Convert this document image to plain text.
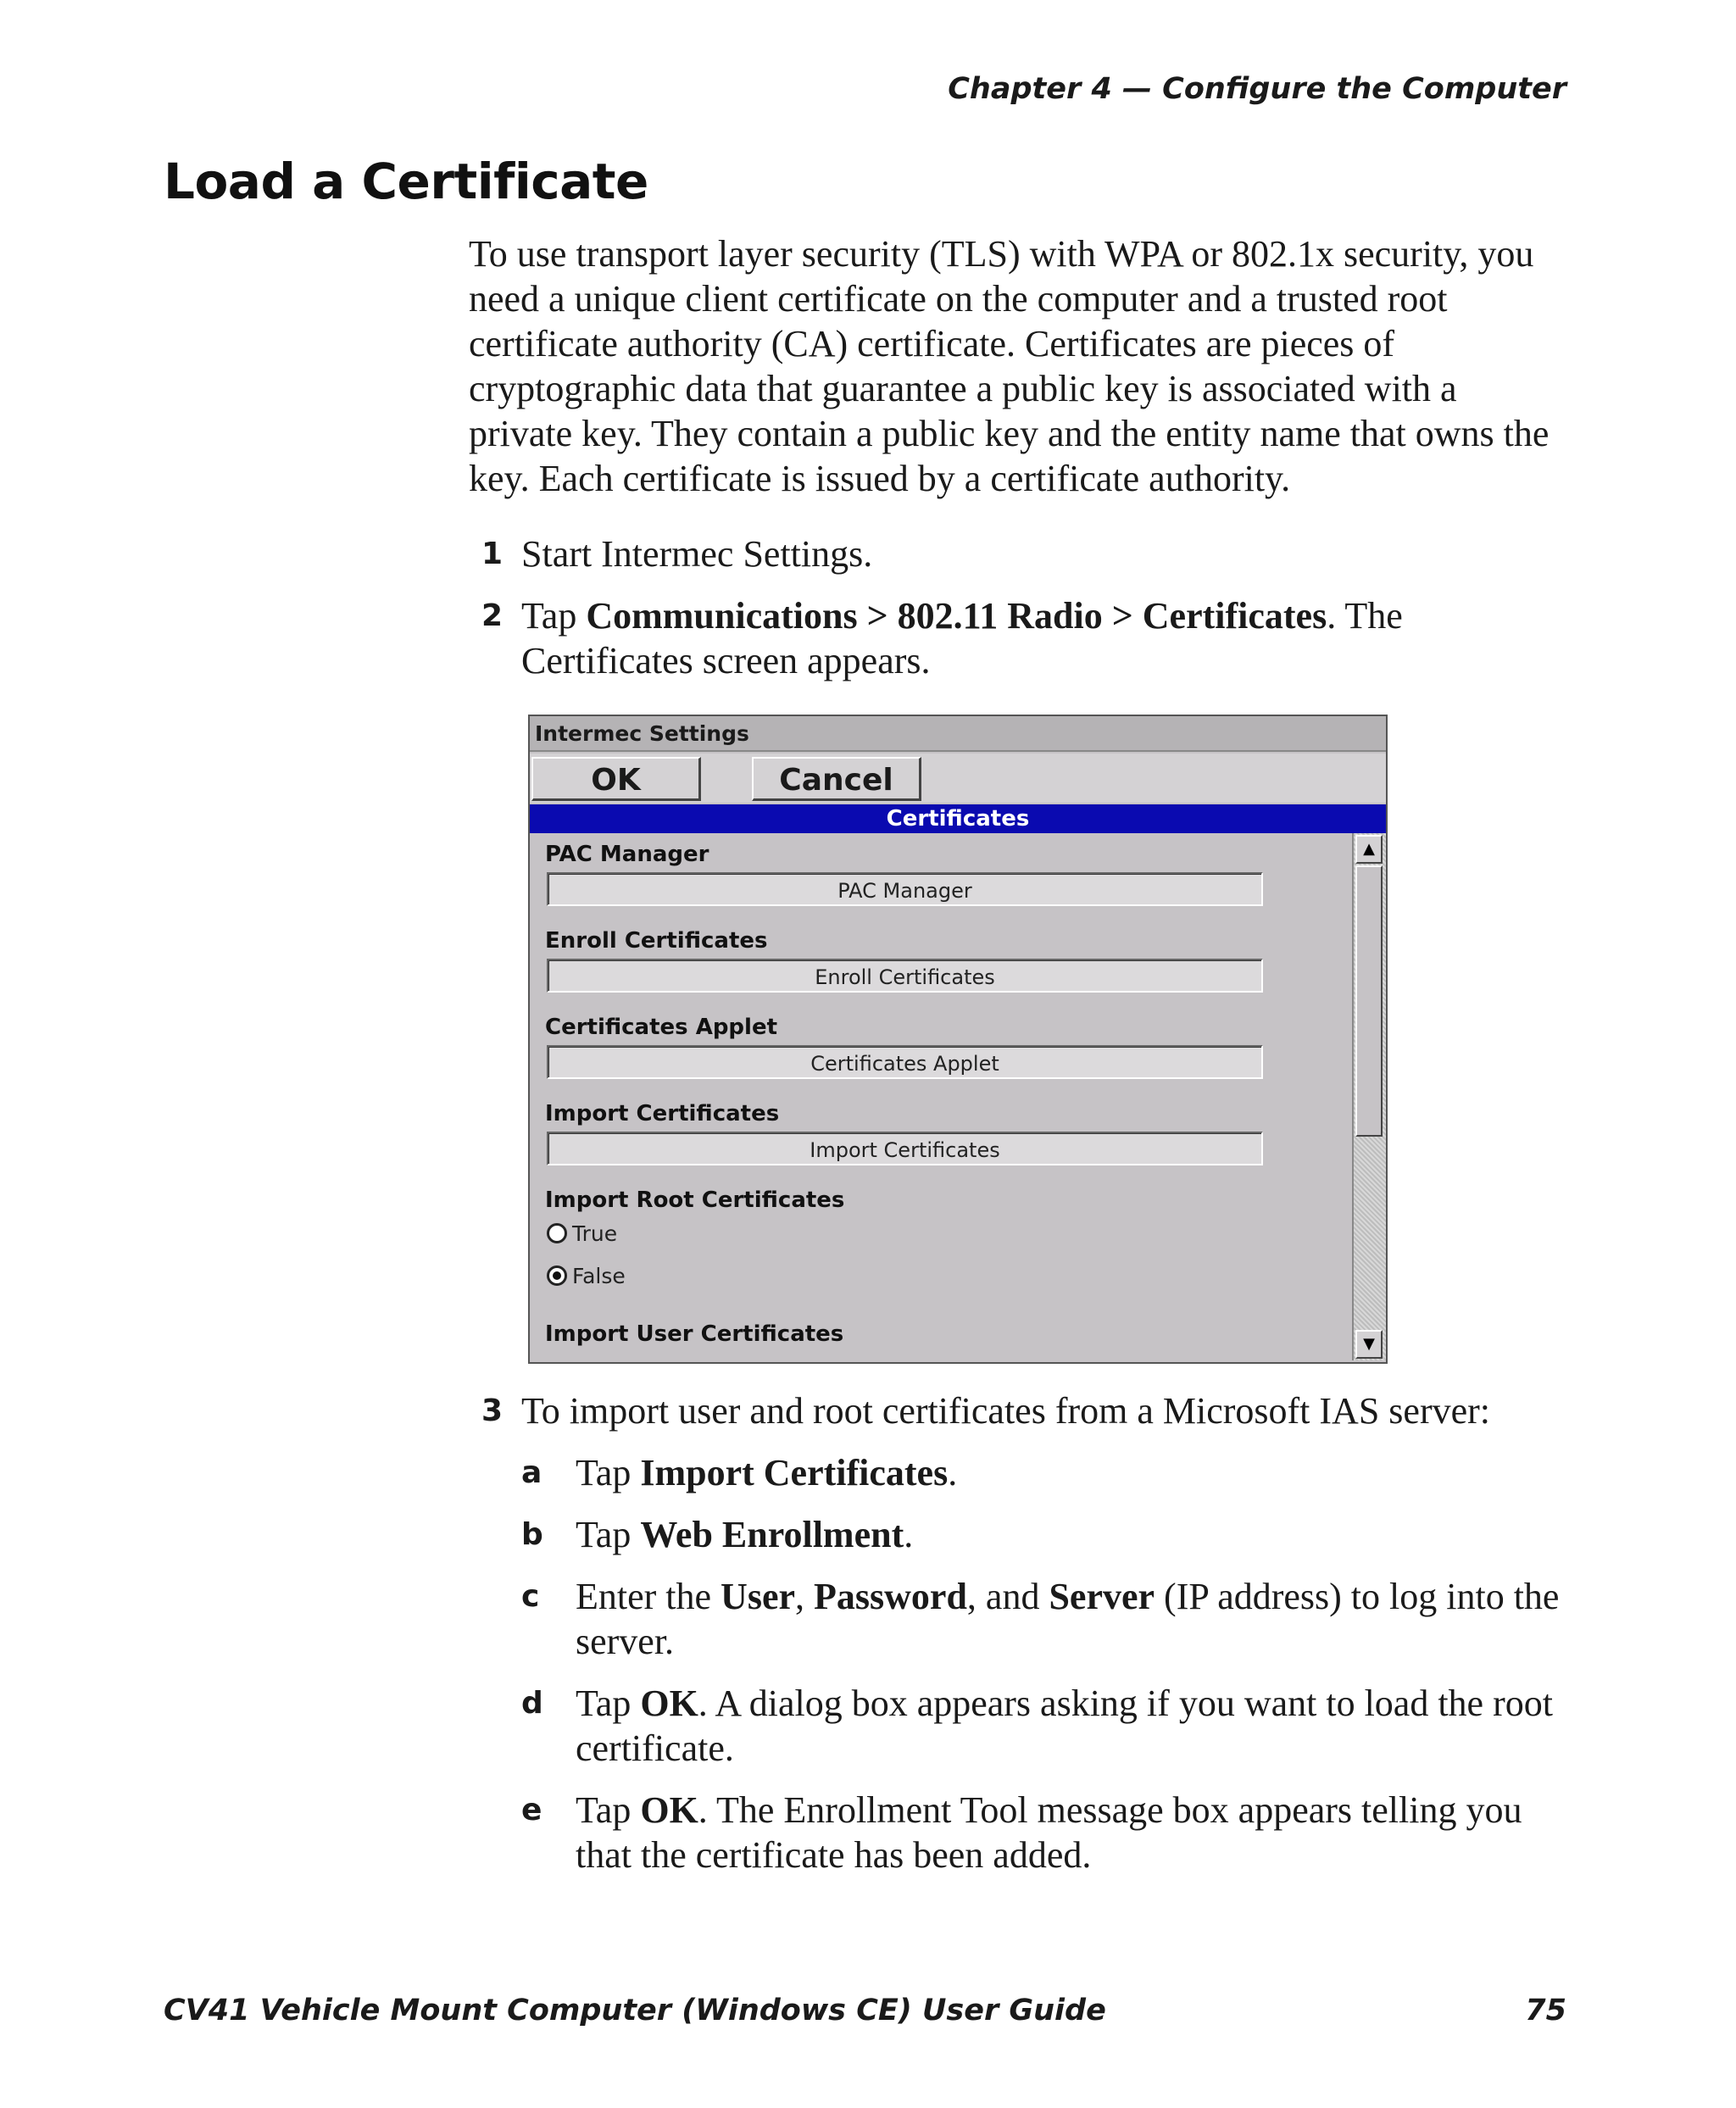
Chapter 4 — Configure the Computer
Load a Certificate

To use transport layer security (TLS) with WPA or 802.1x security, you need a unique client certificate on the computer and a trusted root certificate authority (CA) certificate. Certificates are pieces of cryptographic data that guarantee a public key is associated with a private key. They contain a public key and the entity name that owns the key. Each certificate is issued by a certificate authority.

1 Start Intermec Settings.
2 Tap Communications > 802.11 Radio > Certificates. The Certificates screen appears.
Intermec Settings
OK	Cancel
Certificates
PAC Manager
PAC Manager
Enroll Certificates
Enroll Certificates
Certificates Applet
Certificates Applet
Import Certificates
Import Certificates
Import Root Certificates
True
False
Import User Certificates
▲
▼
3 To import user and root certificates from a Microsoft IAS server:
a Tap Import Certificates.
b Tap Web Enrollment.
c Enter the User, Password, and Server (IP address) to log into the server.
d Tap OK. A dialog box appears asking if you want to load the root certificate.
e Tap OK. The Enrollment Tool message box appears telling you that the certificate has been added.
CV41 Vehicle Mount Computer (Windows CE) User Guide	75
